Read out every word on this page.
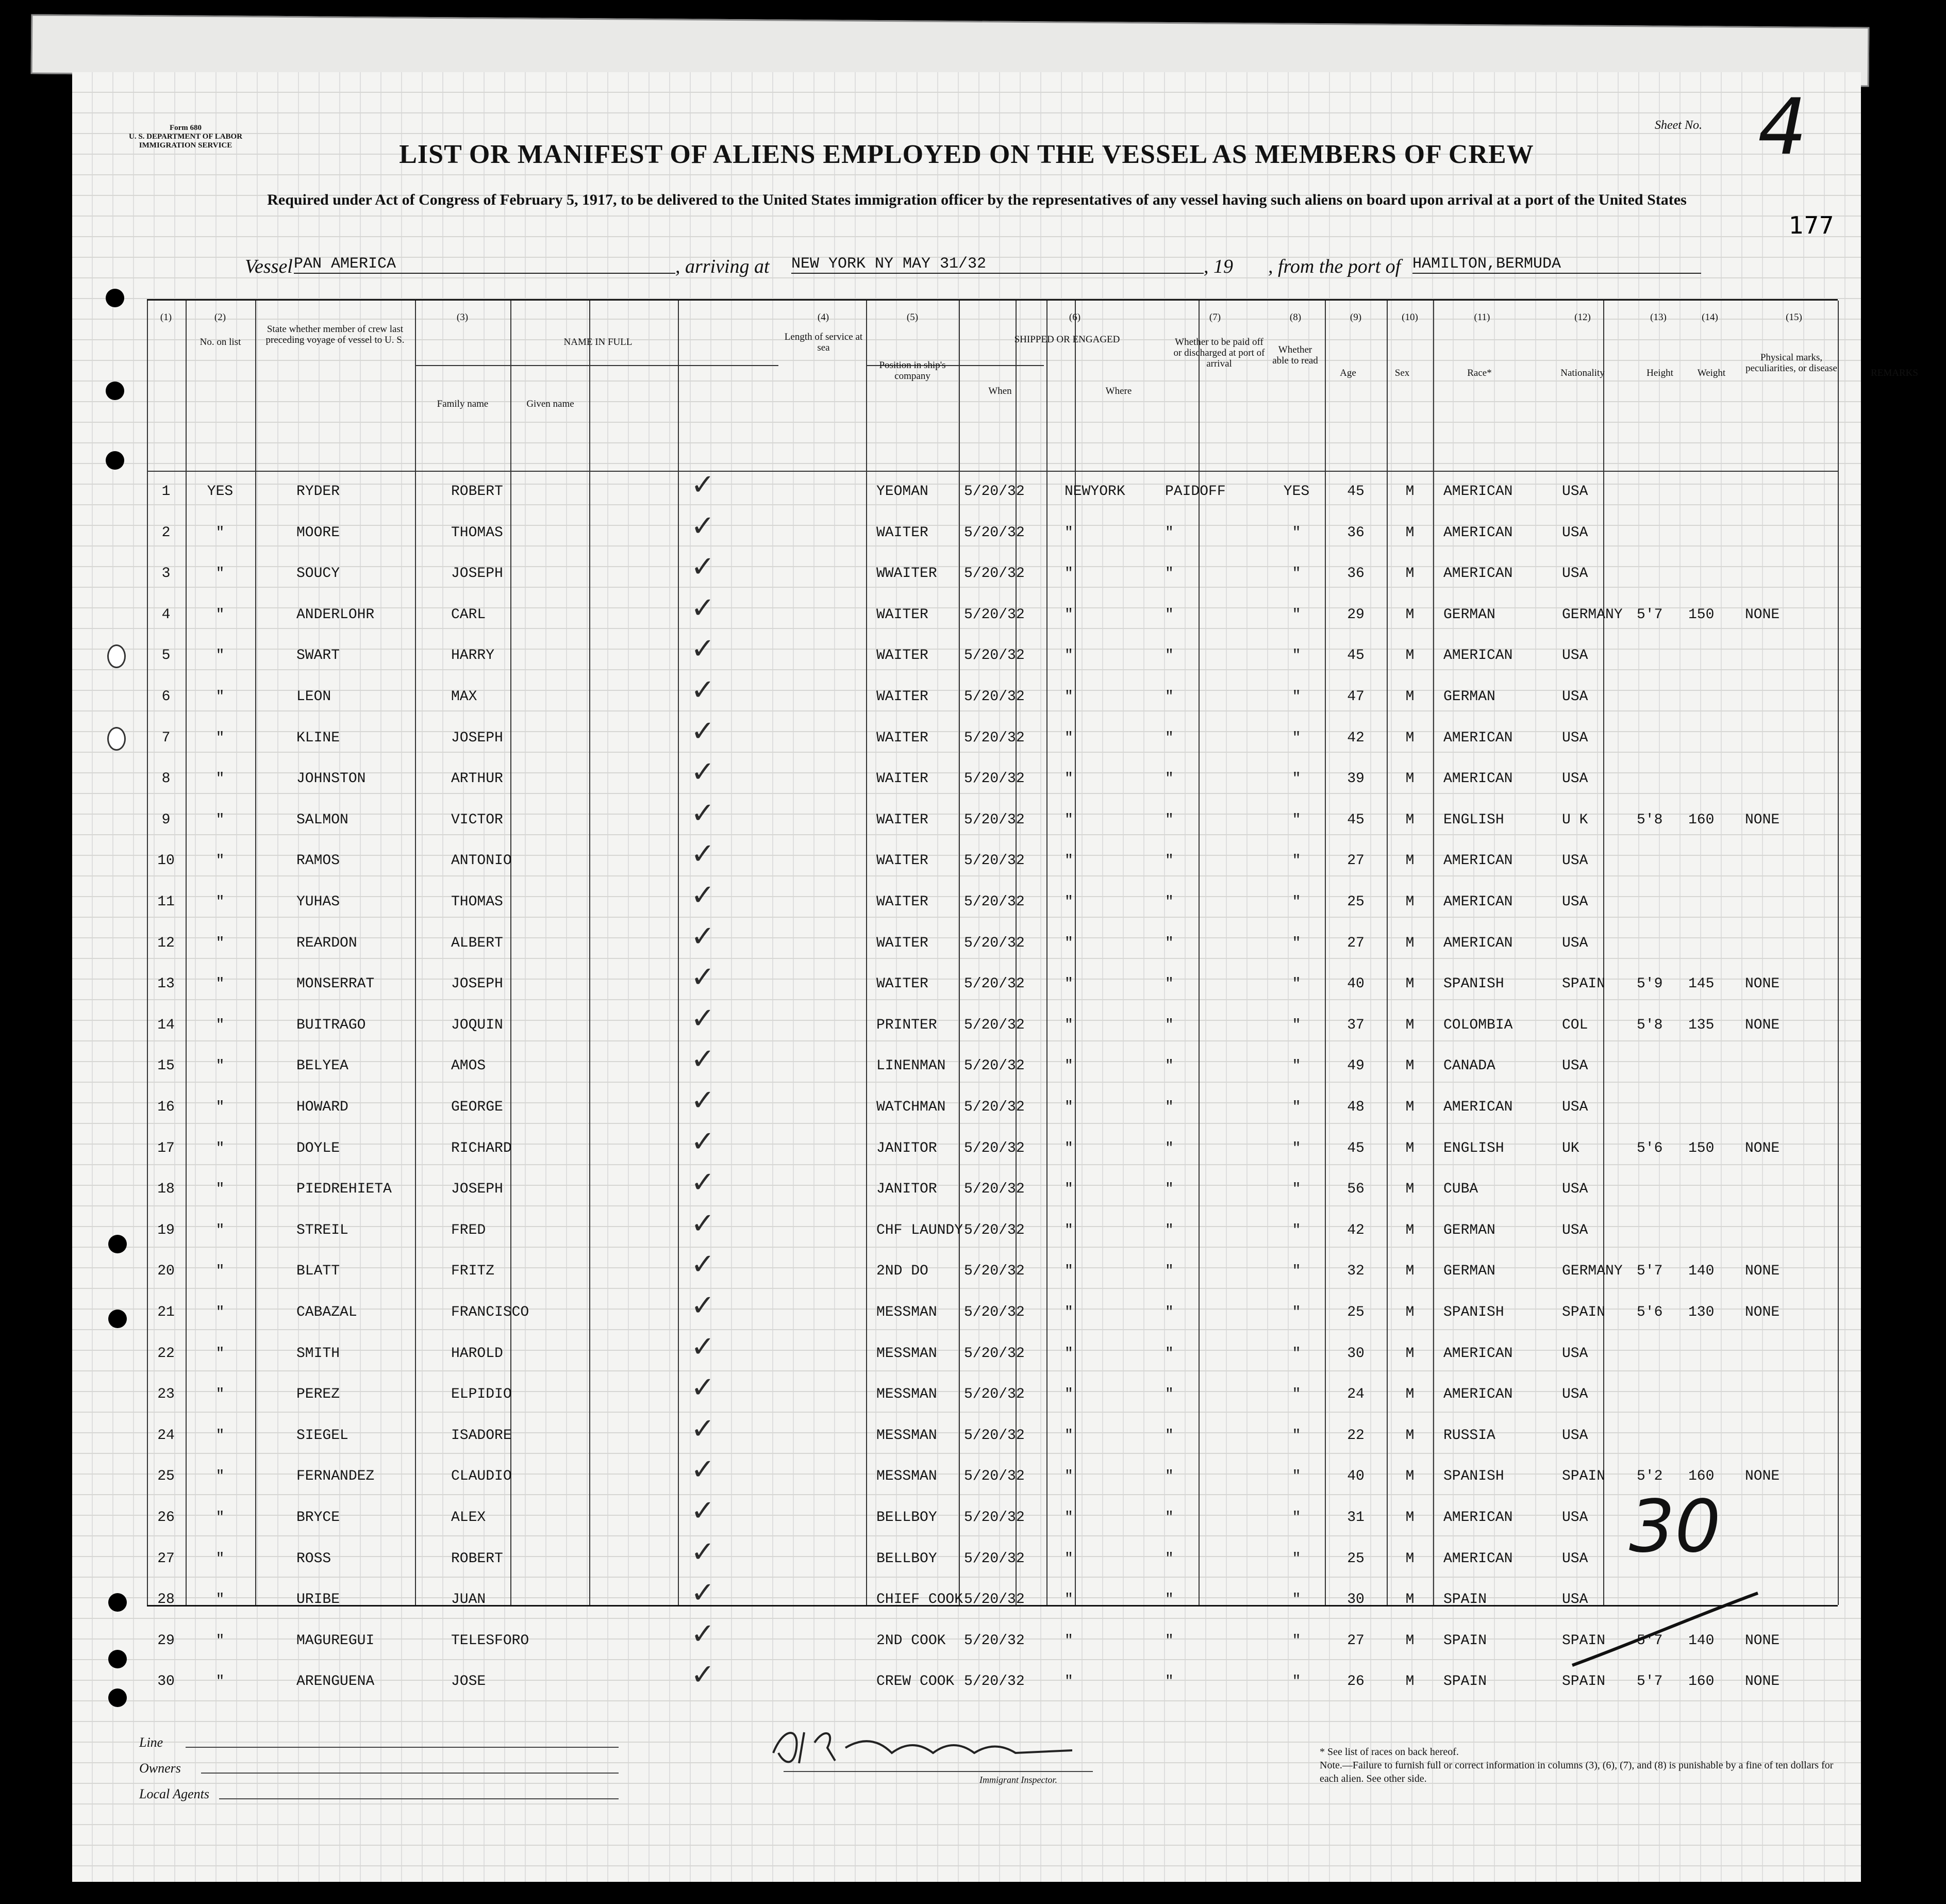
Form 680
U. S. DEPARTMENT OF LABOR
IMMIGRATION SERVICE
Sheet No. 4
LIST OR MANIFEST OF ALIENS EMPLOYED ON THE VESSEL AS MEMBERS OF CREW
Required under Act of Congress of February 5, 1917, to be delivered to the United States immigration officer by the representatives of any vessel having such aliens on board upon arrival at a port of the United States
177
Vessel PAN AMERICA	, arriving at NEW YORK NY MAY 31/32	, 19 , from the port of HAMILTON,BERMUDA
(1)	(2)	(3)	(4)	(5)	(6)	(7)	(8)	(9)	(10)	(11)	(12)	(13)	(14)	(15)
No. on list
State whether member of crew last preceding voyage of vessel to U. S.	NAME IN FULL
Family name	Given name
Length of service at sea
Position in ship's company
SHIPPED OR ENGAGED
When	Where
Whether to be paid off or discharged at port of arrival
Whether able to read
Age	Sex	Race*	Nationality	Height	Weight
Physical marks, peculiarities, or disease	REMARKS
1	YES	RYDER	ROBERT	YEOMAN 5/20/32	NEWYORK	PAIDOFF	YES	45	M	AMERICAN	USA
✓
2	"	MOORE	THOMAS	WAITER 5/20/32	"	"	"	36	M	AMERICAN	USA
✓
3	"	SOUCY	JOSEPH	WWAITER 5/20/32	"	"	"	36	M	AMERICAN	USA
✓
4	"	ANDERLOHR	CARL	WAITER 5/20/32	"	"	"	29	M	GERMAN	GERMANY 5'7 150 NONE
✓
5	"	SWART	HARRY	WAITER 5/20/32	"	"	"	45	M	AMERICAN	USA
✓
6	"	LEON	MAX	WAITER 5/20/32	"	"	"	47	M	GERMAN	USA
✓
7	"	KLINE	JOSEPH	WAITER 5/20/32	"	"	"	42	M	AMERICAN	USA
✓
8	"	JOHNSTON	ARTHUR	WAITER 5/20/32	"	"	"	39	M	AMERICAN	USA
✓
9	"	SALMON	VICTOR	WAITER 5/20/32	"	"	"	45	M	ENGLISH	U K	5'8 160 NONE
✓
10	"	RAMOS	ANTONIO	WAITER 5/20/32	"	"	"	27	M	AMERICAN	USA
✓
11	"	YUHAS	THOMAS	WAITER 5/20/32	"	"	"	25	M	AMERICAN	USA
✓
12	"	REARDON	ALBERT	WAITER 5/20/32	"	"	"	27	M	AMERICAN	USA
✓
13	"	MONSERRAT	JOSEPH	WAITER 5/20/32	"	"	"	40	M	SPANISH	SPAIN 5'9 145 NONE
✓
14	"	BUITRAGO	JOQUIN	PRINTER 5/20/32	"	"	"	37	M	COLOMBIA	COL	5'8 135 NONE
✓
15	"	BELYEA	AMOS	LINENMAN 5/20/32	"	"	"	49	M	CANADA	USA
✓
16	"	HOWARD	GEORGE	WATCHMAN 5/20/32	"	"	"	48	M	AMERICAN	USA
✓
17	"	DOYLE	RICHARD	JANITOR 5/20/32	"	"	"	45	M	ENGLISH	UK	5'6 150 NONE
✓
18	"	PIEDREHIETA	JOSEPH	JANITOR 5/20/32	"	"	"	56	M	CUBA	USA
✓
19	"	STREIL	FRED	CHF LAUNDY 5/20/32	"	"	"	42	M	GERMAN	USA
✓
20	"	BLATT	FRITZ	2ND DO 5/20/32	"	"	"	32	M	GERMAN	GERMANY 5'7 140 NONE
✓
21	"	CABAZAL	FRANCISCO	MESSMAN 5/20/32	"	"	"	25	M	SPANISH	SPAIN 5'6 130 NONE
✓
22	"	SMITH	HAROLD	MESSMAN 5/20/32	"	"	"	30	M	AMERICAN	USA
✓
23	"	PEREZ	ELPIDIO	MESSMAN 5/20/32	"	"	"	24	M	AMERICAN	USA
✓
24	"	SIEGEL	ISADORE	MESSMAN 5/20/32	"	"	"	22	M	RUSSIA	USA
✓
25	"	FERNANDEZ	CLAUDIO	MESSMAN 5/20/32	"	"	"	40	M	SPANISH	SPAIN 5'2 160 NONE
✓
26	"	BRYCE	ALEX	BELLBOY 5/20/32	"	"	"	31	M	AMERICAN	USA
✓
27	"	ROSS	ROBERT	BELLBOY 5/20/32	"	"	"	25	M	AMERICAN	USA
✓
28	"	URIBE	JUAN	CHIEF COOK 5/20/32	"	"	"	30	M	SPAIN	USA
✓
29	"	MAGUREGUI	TELESFORO	2ND COOK 5/20/32	"	"	"	27	M	SPAIN	SPAIN 5'7 140 NONE
✓
30	"	ARENGUENA	JOSE	CREW COOK 5/20/32	"	"	"	26	M	SPAIN	SPAIN 5'7 160 NONE
✓
30
Line
Owners
Local Agents
Immigrant Inspector.
* See list of races on back hereof.
Note.—Failure to furnish full or correct information in columns (3), (6), (7), and (8) is punishable by a fine of ten dollars for each alien. See other side.
